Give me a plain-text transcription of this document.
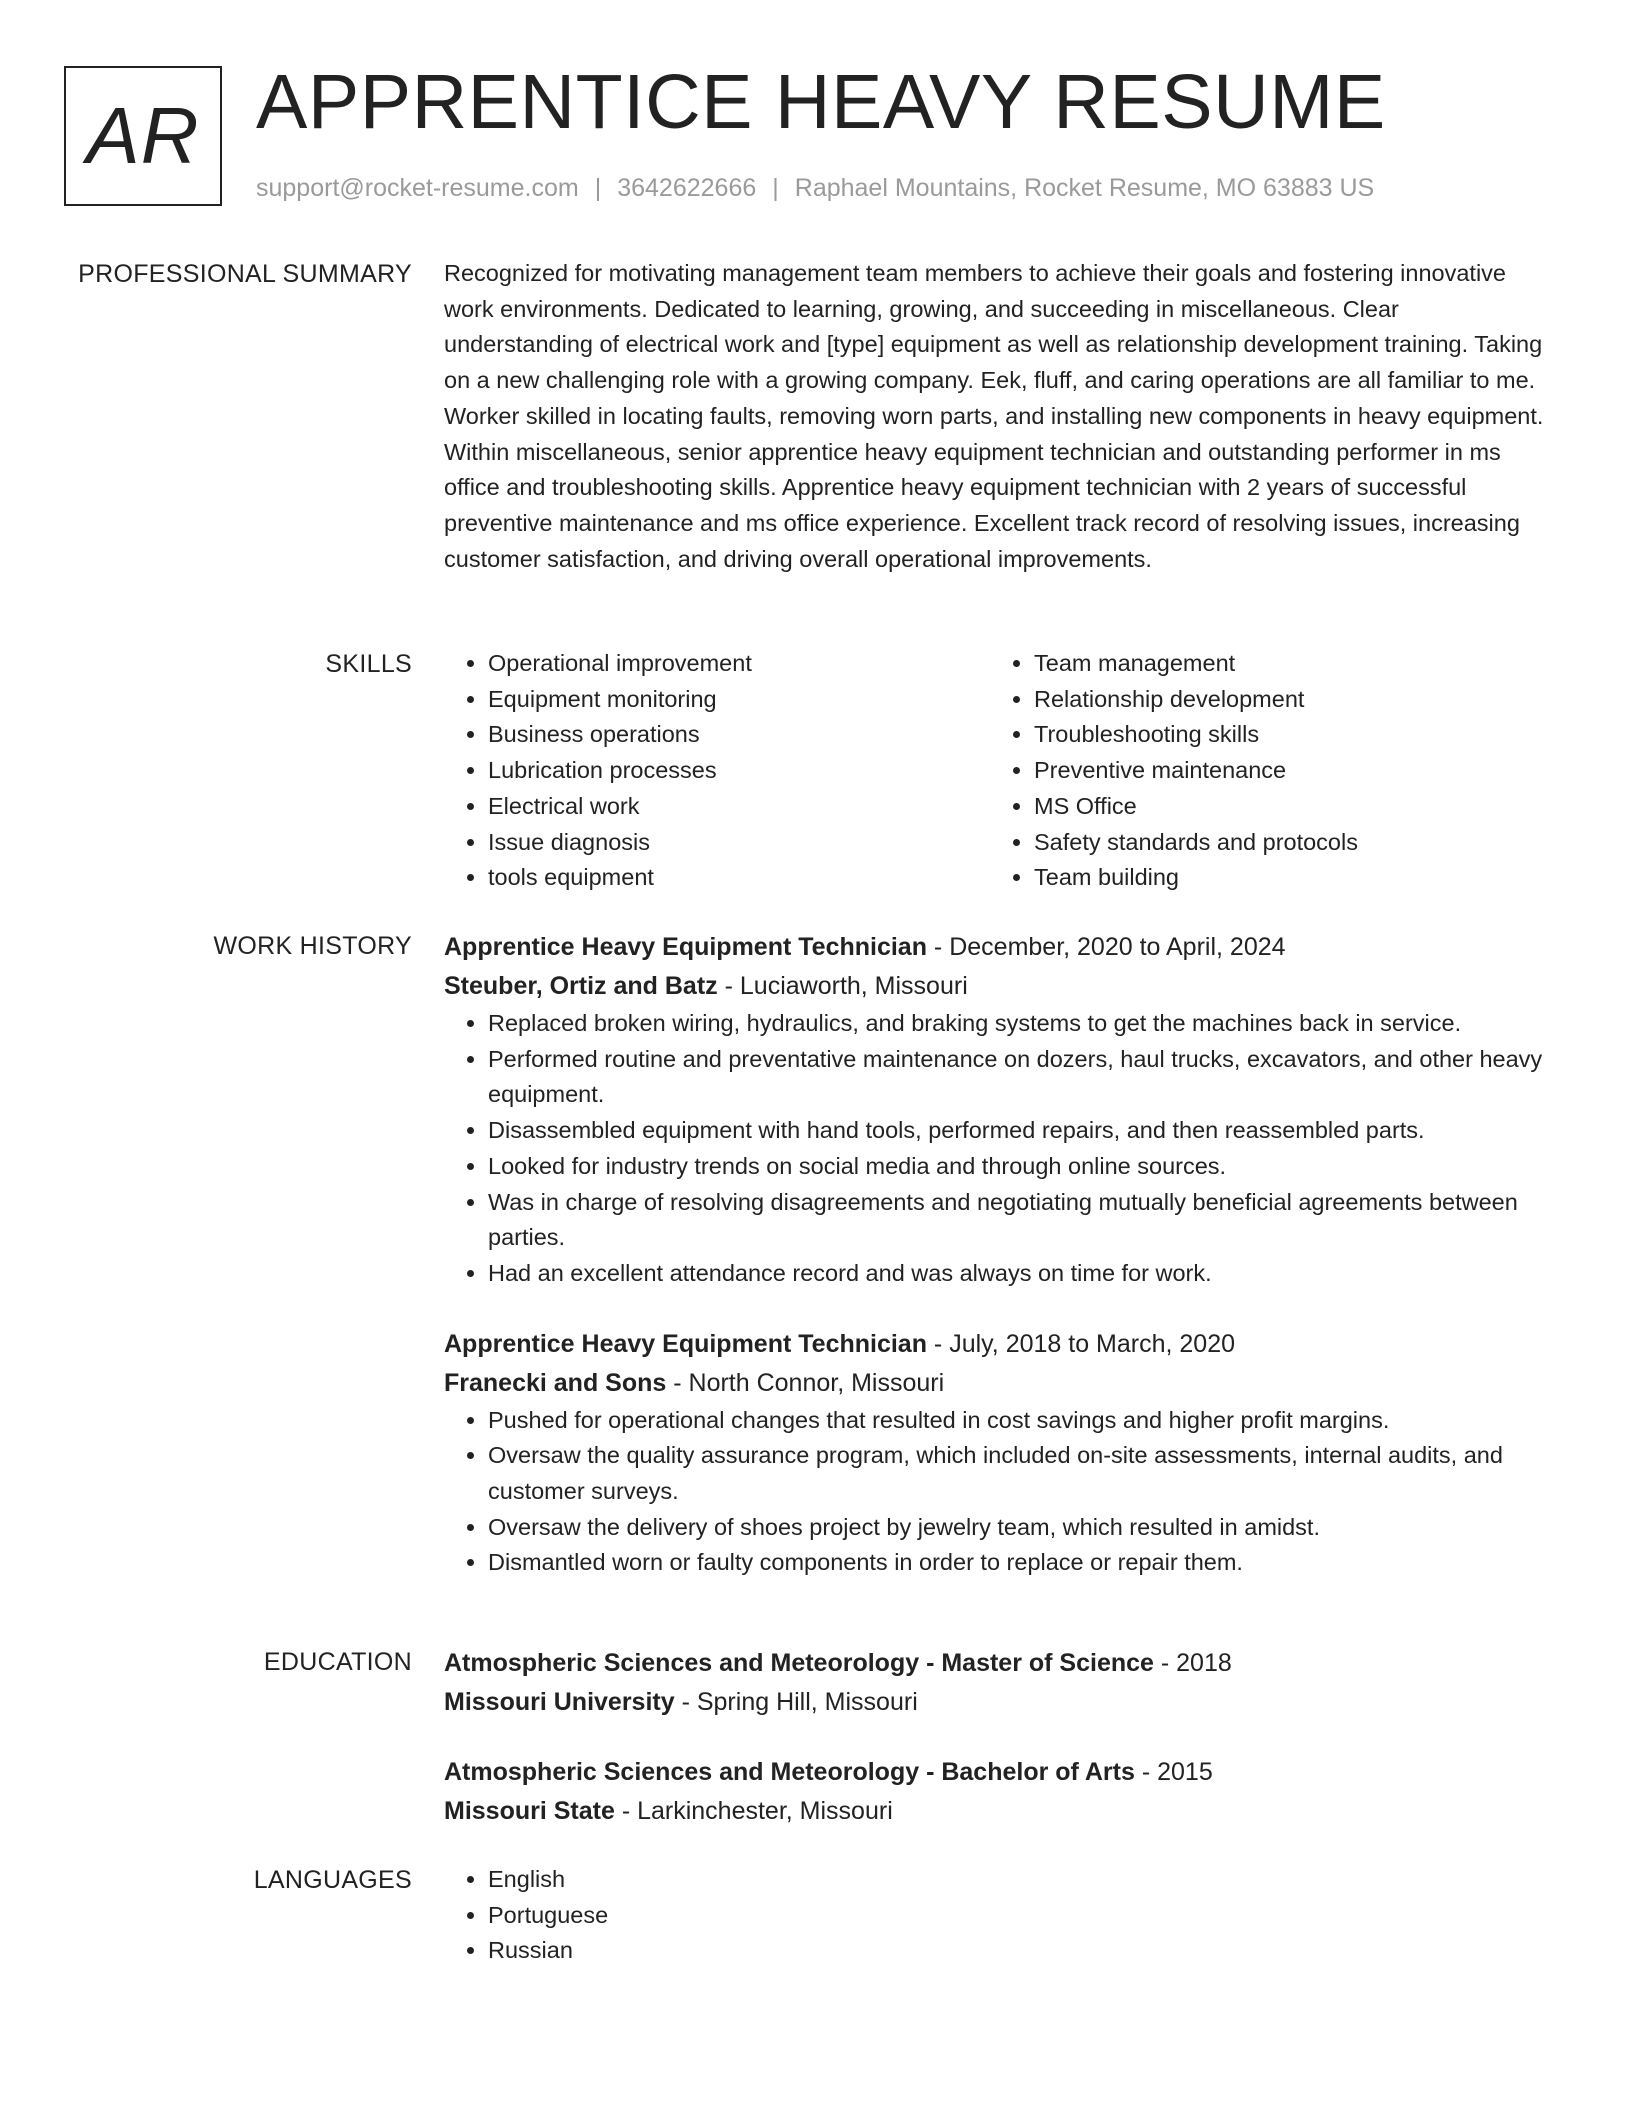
AR APPRENTICE HEAVY RESUME
support@rocket-resume.com | 3642622666 | Raphael Mountains, Rocket Resume, MO 63883 US
PROFESSIONAL SUMMARY Recognized for motivating management team members to achieve their goals and fostering innovative work environments. Dedicated to learning, growing, and succeeding in miscellaneous. Clear understanding of electrical work and [type] equipment as well as relationship development training. Taking on a new challenging role with a growing company. Eek, fluff, and caring operations are all familiar to me. Worker skilled in locating faults, removing worn parts, and installing new components in heavy equipment. Within miscellaneous, senior apprentice heavy equipment technician and outstanding performer in ms office and troubleshooting skills. Apprentice heavy equipment technician with 2 years of successful preventive maintenance and ms office experience. Excellent track record of resolving issues, increasing customer satisfaction, and driving overall operational improvements.

SKILLS	• Operational improvement
• Equipment monitoring
• Business operations
• Lubrication processes
• Electrical work
• Issue diagnosis
• tools equipment
• Team management
• Relationship development
• Troubleshooting skills
• Preventive maintenance
• MS Office
• Safety standards and protocols
• Team building
WORK HISTORY Apprentice Heavy Equipment Technician - December, 2020 to April, 2024
Steuber, Ortiz and Batz - Luciaworth, Missouri
• Replaced broken wiring, hydraulics, and braking systems to get the machines back in service.
• Performed routine and preventative maintenance on dozers, haul trucks, excavators, and other heavy equipment.
• Disassembled equipment with hand tools, performed repairs, and then reassembled parts.
• Looked for industry trends on social media and through online sources.
• Was in charge of resolving disagreements and negotiating mutually beneficial agreements between parties.
• Had an excellent attendance record and was always on time for work.
Apprentice Heavy Equipment Technician - July, 2018 to March, 2020
Franecki and Sons - North Connor, Missouri
• Pushed for operational changes that resulted in cost savings and higher profit margins.
• Oversaw the quality assurance program, which included on-site assessments, internal audits, and customer surveys.
• Oversaw the delivery of shoes project by jewelry team, which resulted in amidst.
• Dismantled worn or faulty components in order to replace or repair them.
EDUCATION Atmospheric Sciences and Meteorology - Master of Science - 2018
Missouri University - Spring Hill, Missouri
Atmospheric Sciences and Meteorology - Bachelor of Arts - 2015
Missouri State - Larkinchester, Missouri
LANGUAGES	• English
• Portuguese
• Russian
